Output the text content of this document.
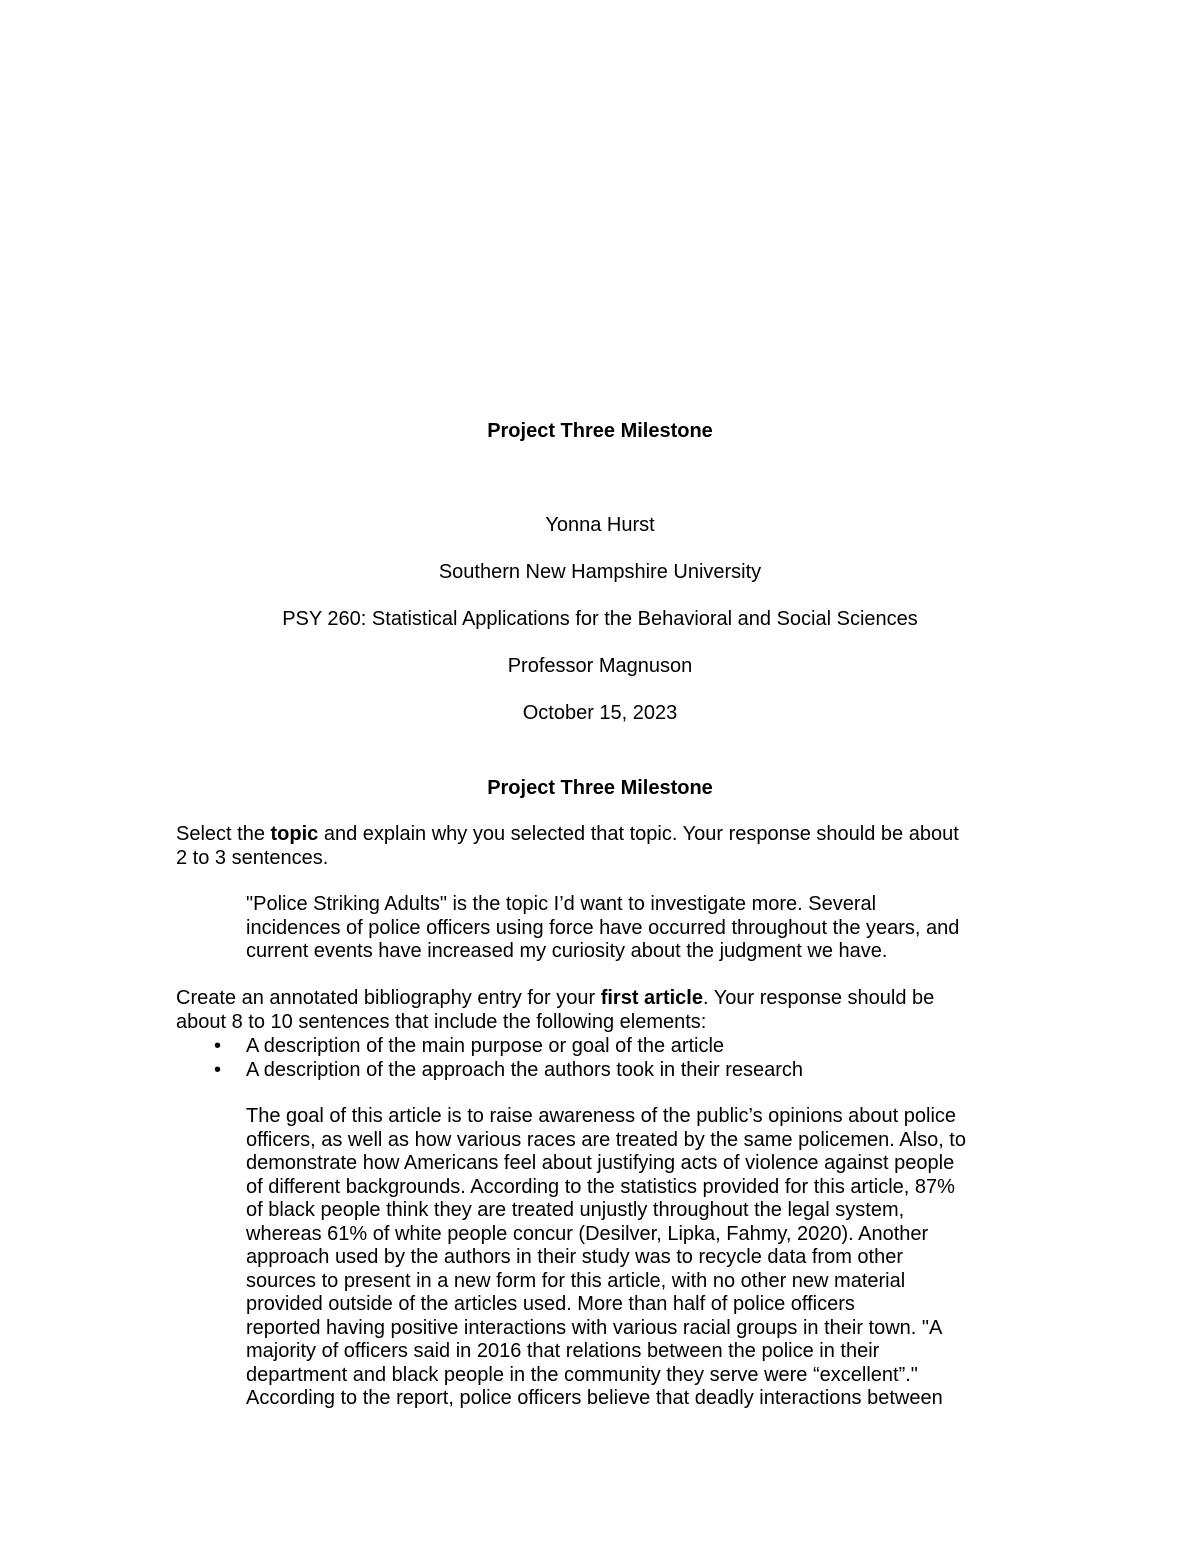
Project Three Milestone
Yonna Hurst
Southern New Hampshire University
PSY 260: Statistical Applications for the Behavioral and Social Sciences
Professor Magnuson
October 15, 2023
Project Three Milestone
Select the topic and explain why you selected that topic. Your response should be about
2 to 3 sentences.
"Police Striking Adults" is the topic I’d want to investigate more. Several
incidences of police officers using force have occurred throughout the years, and
current events have increased my curiosity about the judgment we have.
Create an annotated bibliography entry for your first article. Your response should be
about 8 to 10 sentences that include the following elements:
• A description of the main purpose or goal of the article
• A description of the approach the authors took in their research
The goal of this article is to raise awareness of the public’s opinions about police
officers, as well as how various races are treated by the same policemen. Also, to
demonstrate how Americans feel about justifying acts of violence against people
of different backgrounds. According to the statistics provided for this article, 87%
of black people think they are treated unjustly throughout the legal system,
whereas 61% of white people concur (Desilver, Lipka, Fahmy, 2020). Another
approach used by the authors in their study was to recycle data from other
sources to present in a new form for this article, with no other new material
provided outside of the articles used. More than half of police officers
reported having positive interactions with various racial groups in their town. "A
majority of officers said in 2016 that relations between the police in their
department and black people in the community they serve were “excellent”."
According to the report, police officers believe that deadly interactions between
